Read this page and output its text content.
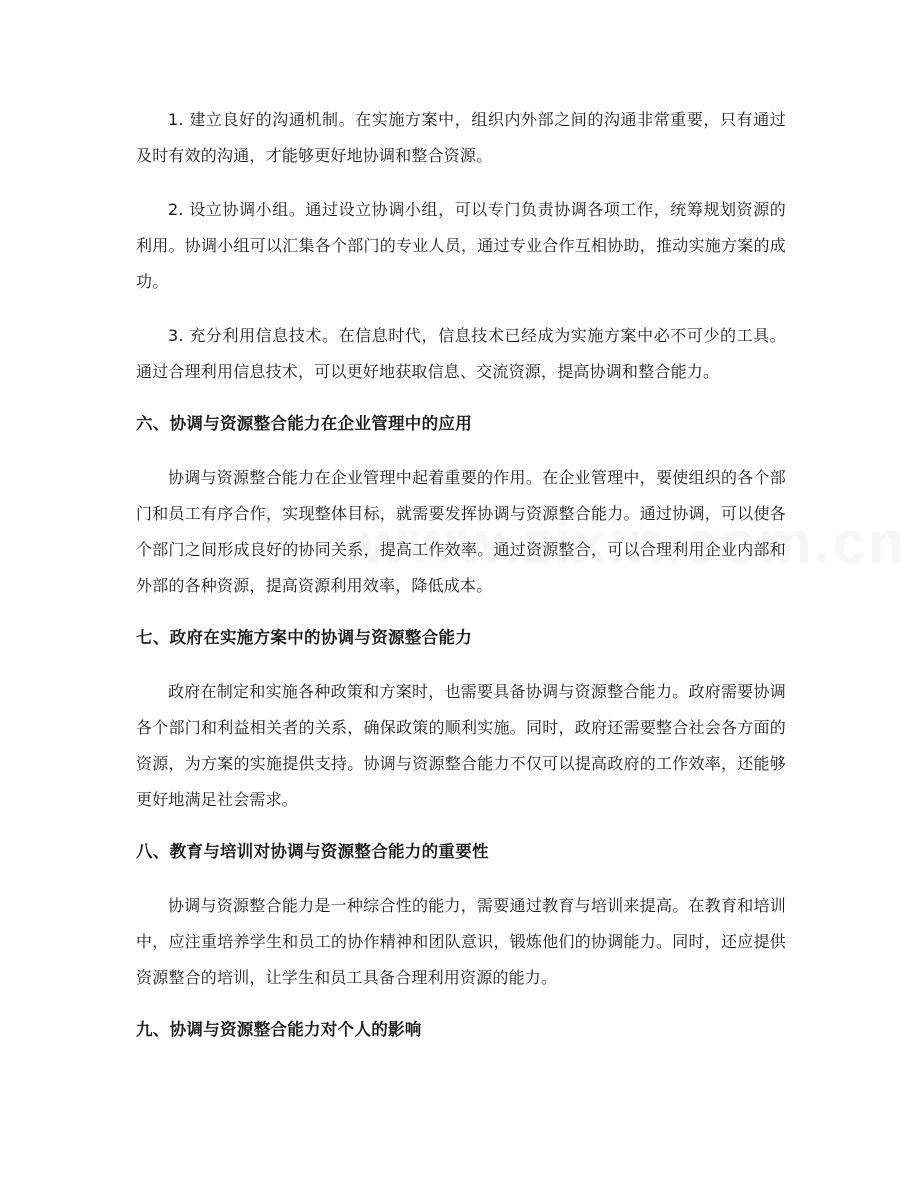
1. 建立良好的沟通机制。在实施方案中，组织内外部之间的沟通非常重要，只有通过及时有效的沟通，才能够更好地协调和整合资源。

2. 设立协调小组。通过设立协调小组，可以专门负责协调各项工作，统筹规划资源的利用。协调小组可以汇集各个部门的专业人员，通过专业合作互相协助，推动实施方案的成功。

3. 充分利用信息技术。在信息时代，信息技术已经成为实施方案中必不可少的工具。通过合理利用信息技术，可以更好地获取信息、交流资源，提高协调和整合能力。

六、协调与资源整合能力在企业管理中的应用

协调与资源整合能力在企业管理中起着重要的作用。在企业管理中，要使组织的各个部门和员工有序合作，实现整体目标，就需要发挥协调与资源整合能力。通过协调，可以使各个部门之间形成良好的协同关系，提高工作效率。通过资源整合，可以合理利用企业内部和外部的各种资源，提高资源利用效率，降低成本。

七、政府在实施方案中的协调与资源整合能力

政府在制定和实施各种政策和方案时，也需要具备协调与资源整合能力。政府需要协调各个部门和利益相关者的关系，确保政策的顺利实施。同时，政府还需要整合社会各方面的资源，为方案的实施提供支持。协调与资源整合能力不仅可以提高政府的工作效率，还能够更好地满足社会需求。

八、教育与培训对协调与资源整合能力的重要性

协调与资源整合能力是一种综合性的能力，需要通过教育与培训来提高。在教育和培训中，应注重培养学生和员工的协作精神和团队意识，锻炼他们的协调能力。同时，还应提供资源整合的培训，让学生和员工具备合理利用资源的能力。

九、协调与资源整合能力对个人的影响
